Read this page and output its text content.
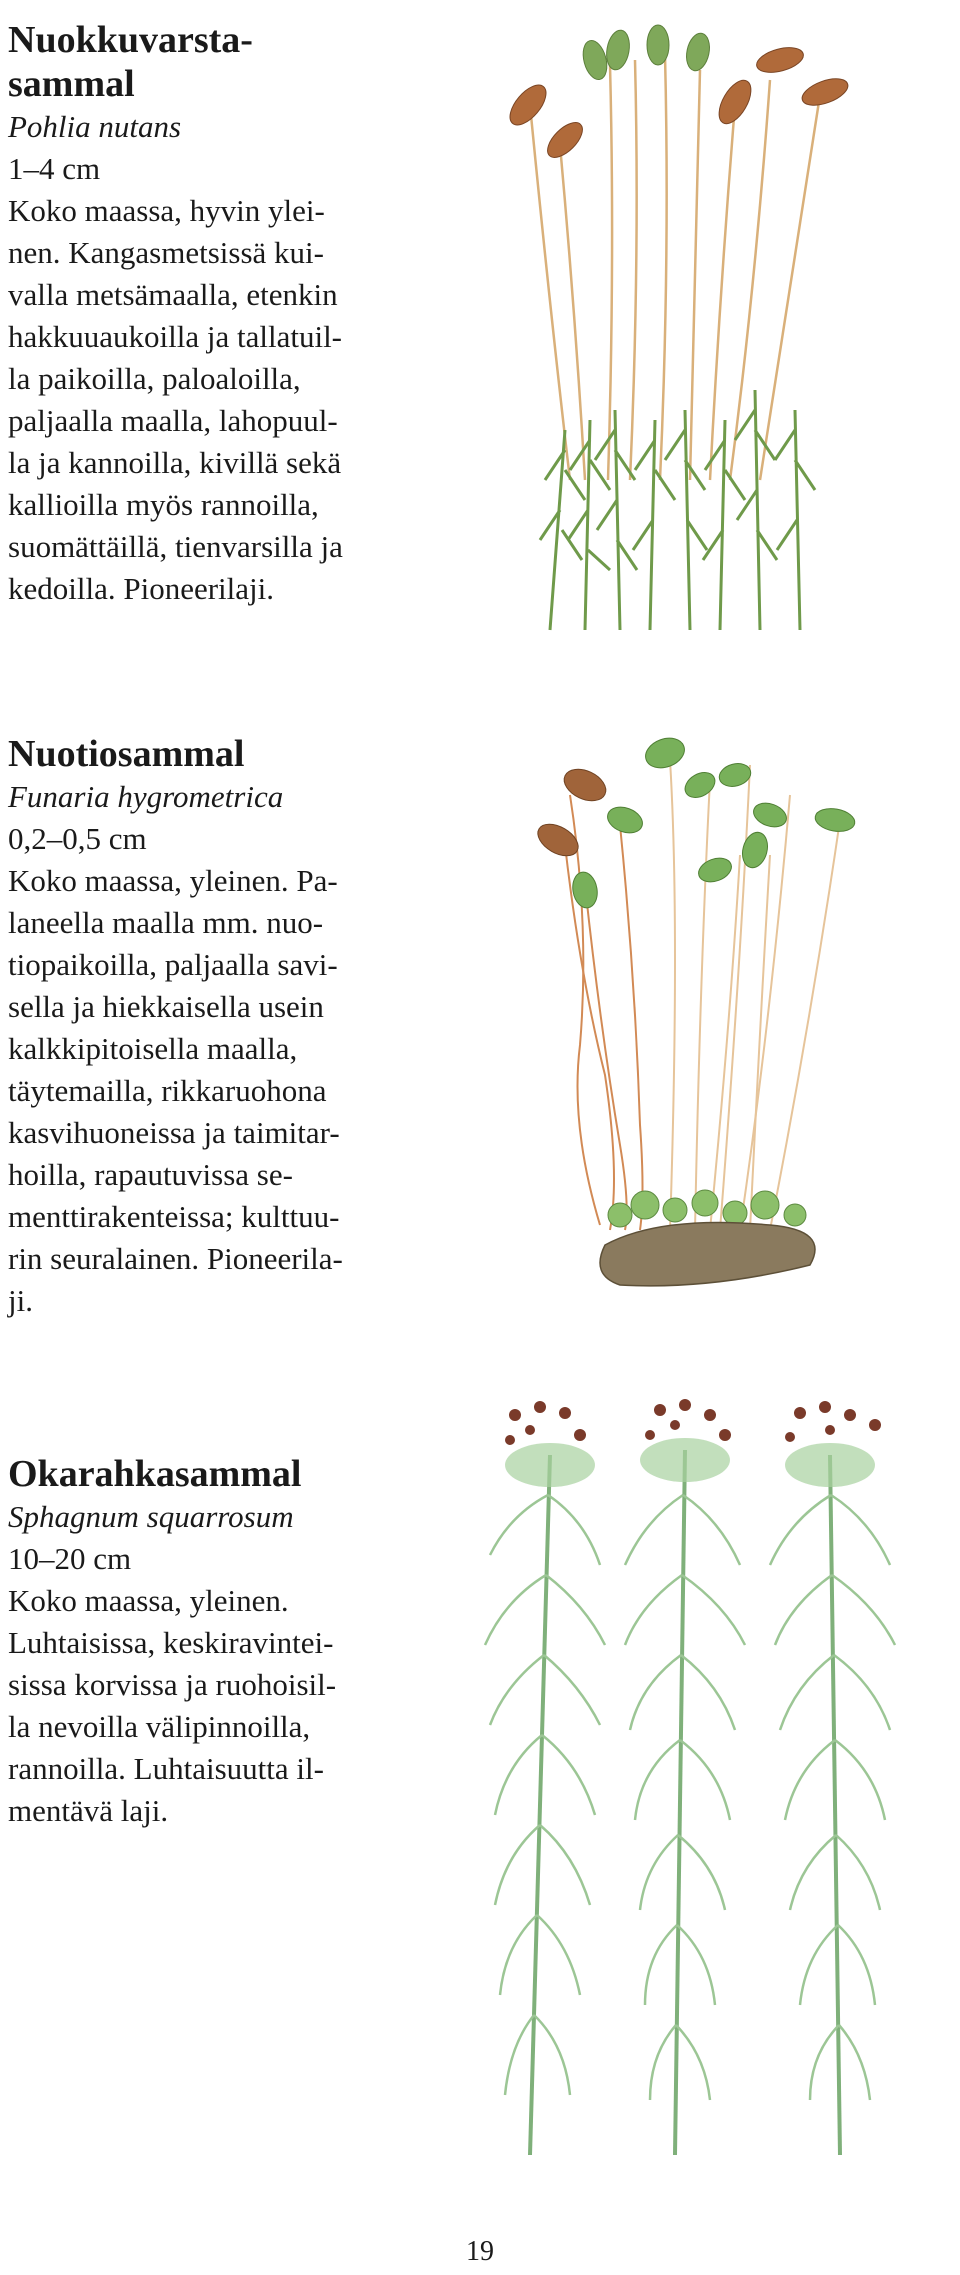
Nuokkuvarsta-
sammal
Pohlia nutans
1–4 cm
Koko maassa, hyvin ylei-
nen. Kangasmetsissä kui-
valla metsämaalla, etenkin
hakkuuaukoilla ja tallatuil-
la paikoilla, paloaloilla,
paljaalla maalla, lahopuul-
la ja kannoilla, kivillä sekä
kallioilla myös rannoilla,
suomättäillä, tienvarsilla ja
kedoilla. Pioneerilaji.
Nuotiosammal
Funaria hygrometrica
0,2–0,5 cm
Koko maassa, yleinen. Pa-
laneella maalla mm. nuo-
tiopaikoilla, paljaalla savi-
sella ja hiekkaisella usein
kalkkipitoisella maalla,
täytemailla, rikkaruohona
kasvihuoneissa ja taimitar-
hoilla, rapautuvissa se-
menttirakenteissa; kulttuu-
rin seuralainen. Pioneerila-
ji.
Okarahkasammal
Sphagnum squarrosum
10–20 cm
Koko maassa, yleinen.
Luhtaisissa, keskiravintei-
sissa korvissa ja ruohoisil-
la nevoilla välipinnoilla,
rannoilla. Luhtaisuutta il-
mentävä laji.
19
